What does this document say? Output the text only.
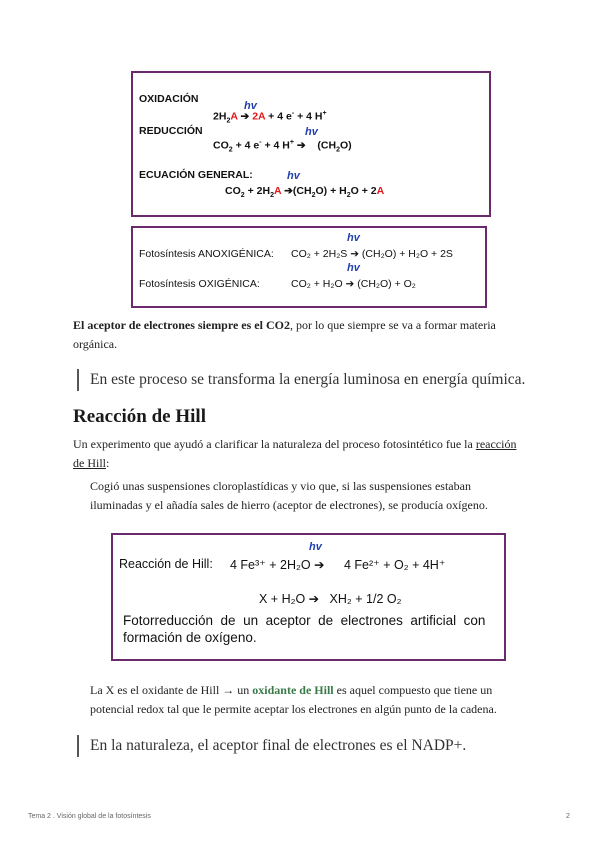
OXIDACIÓN
hv
$2H_2A$ ➔ 2A + 4 e- + 4 H+
REDUCCIÓN	hv
$CO_2 + 4$ e- + 4 H+ ➔ $(CH_2O)$
ECUACIÓN GENERAL:	hv
$CO_2 + 2H_2A$ $➔(CH_2O) + H_2O + 2A$
hv
Fotosíntesis ANOXIGÉNICA: CO₂ + 2H₂S ➔ (CH₂O) + H₂O + 2S
hv
Fotosíntesis OXIGÉNICA:	CO₂ + H₂O ➔ (CH₂O) + O₂
El aceptor de electrones siempre es el CO2, por lo que siempre se va a formar materia
orgánica.
En este proceso se transforma la energía luminosa en energía química.
Reacción de Hill
Un experimento que ayudó a clarificar la naturaleza del proceso fotosintético fue la reacción
de Hill:
Cogió unas suspensiones cloroplastídicas y vio que, si las suspensiones estaban
iluminadas y el añadía sales de hierro (aceptor de electrones), se producía oxígeno.
hv
Reacción de Hill: 4 Fe³⁺ + 2H₂O ➔ 4 Fe²⁺ + O₂ + 4H⁺
X + H₂O ➔   XH₂ + 1/2 O₂
Fotorreducción  de  un  aceptor  de  electrones  artificial  con
formación de oxígeno.
La X es el oxidante de Hill → un oxidante de Hill es aquel compuesto que tiene un
potencial redox tal que le permite aceptar los electrones en algún punto de la cadena.
En la naturaleza, el aceptor final de electrones es el NADP+.
Tema 2 . Visión global de la fotosíntesis	2
